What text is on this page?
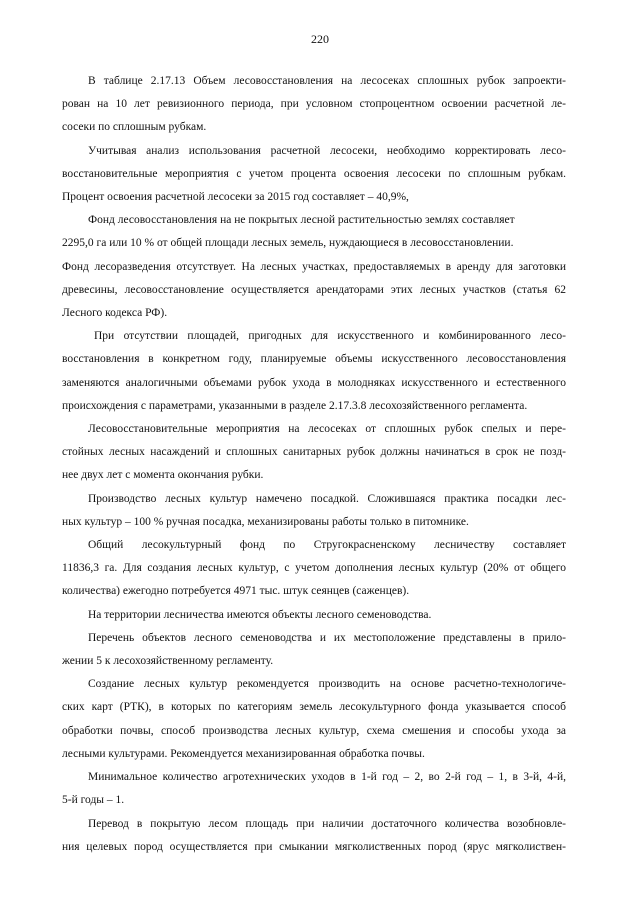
220
В таблице 2.17.13 Объем лесовосстановления на лесосеках сплошных рубок запроекти-
рован на 10 лет ревизионного периода, при условном стопроцентном освоении расчетной ле-
сосеки по сплошным рубкам.
Учитывая анализ использования расчетной лесосеки, необходимо корректировать лесо-
восстановительные мероприятия с учетом процента освоения лесосеки по сплошным рубкам.
Процент освоения расчетной лесосеки за 2015 год составляет – 40,9%,
Фонд лесовосстановления на не покрытых лесной растительностью землях составляет
2295,0 га или 10 % от общей площади лесных земель, нуждающиеся в лесовосстановлении.
Фонд лесоразведения отсутствует. На лесных участках, предоставляемых в аренду для заготовки
древесины, лесовосстановление осуществляется арендаторами этих лесных участков (статья 62
Лесного кодекса РФ).
При отсутствии площадей, пригодных для искусственного и комбинированного лесо-
восстановления в конкретном году, планируемые объемы искусственного лесовосстановления
заменяются аналогичными объемами рубок ухода в молодняках искусственного и естественного
происхождения с параметрами, указанными в разделе 2.17.3.8 лесохозяйственного регламента.
Лесовосстановительные мероприятия на лесосеках от сплошных рубок спелых и пере-
стойных лесных насаждений и сплошных санитарных рубок должны начинаться в срок не позд-
нее двух лет с момента окончания рубки.
Производство лесных культур намечено посадкой. Сложившаяся практика посадки лес-
ных культур – 100 % ручная посадка, механизированы работы только в питомнике.
Общий лесокультурный фонд по Стругокрасненскому лесничеству составляет
11836,3 га. Для создания лесных культур, с учетом дополнения лесных культур (20% от общего
количества) ежегодно потребуется 4971 тыс. штук сеянцев (саженцев).
На территории лесничества имеются объекты лесного семеноводства.
Перечень объектов лесного семеноводства и их местоположение представлены в прило-
жении 5 к лесохозяйственному регламенту.
Создание лесных культур рекомендуется производить на основе расчетно-технологиче-
ских карт (РТК), в которых по категориям земель лесокультурного фонда указывается способ
обработки почвы, способ производства лесных культур, схема смешения и способы ухода за
лесными культурами. Рекомендуется механизированная обработка почвы.
Минимальное количество агротехнических уходов в 1-й год – 2, во 2-й год – 1, в 3-й, 4-й,
5-й годы – 1.
Перевод в покрытую лесом площадь при наличии достаточного количества возобновле-
ния целевых пород осуществляется при смыкании мягколиственных пород (ярус мягколиствен-
